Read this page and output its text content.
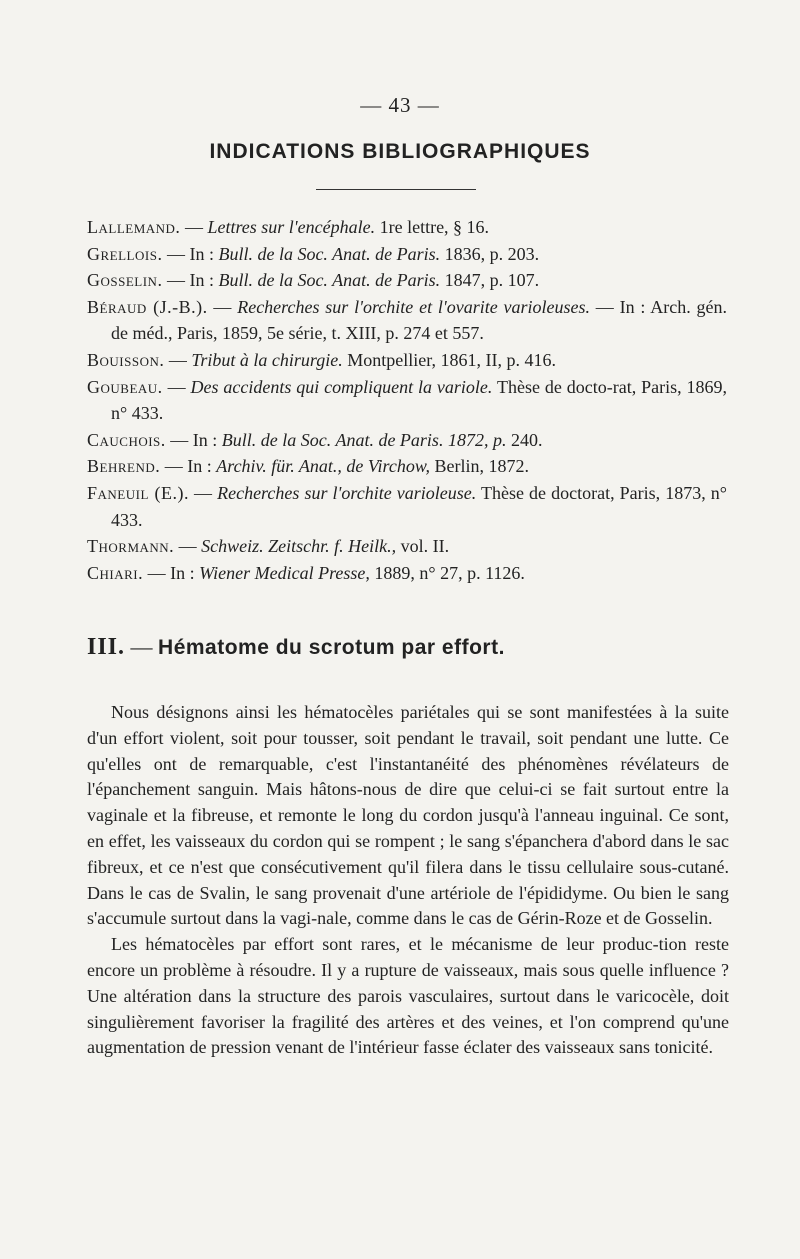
— 43 —
INDICATIONS BIBLIOGRAPHIQUES
Lallemand. — Lettres sur l'encéphale. 1re lettre, § 16.
Grellois. — In : Bull. de la Soc. Anat. de Paris. 1836, p. 203.
Gosselin. — In : Bull. de la Soc. Anat. de Paris. 1847, p. 107.
Béraud (J.-B.). — Recherches sur l'orchite et l'ovarite varioleuses. — In : Arch. gén. de méd., Paris, 1859, 5e série, t. XIII, p. 274 et 557.
Bouisson. — Tribut à la chirurgie. Montpellier, 1861, II, p. 416.
Goubeau. — Des accidents qui compliquent la variole. Thèse de docto-rat, Paris, 1869, n° 433.
Cauchois. — In : Bull. de la Soc. Anat. de Paris. 1872, p. 240.
Behrend. — In : Archiv. für. Anat., de Virchow, Berlin, 1872.
Faneuil (E.). — Recherches sur l'orchite varioleuse. Thèse de doctorat, Paris, 1873, n° 433.
Thormann. — Schweiz. Zeitschr. f. Heilk., vol. II.
Chiari. — In : Wiener Medical Presse, 1889, n° 27, p. 1126.
III. — Hématome du scrotum par effort.

Nous désignons ainsi les hématocèles pariétales qui se sont manifestées à la suite d'un effort violent, soit pour tousser, soit pendant le travail, soit pendant une lutte. Ce qu'elles ont de remarquable, c'est l'instantanéité des phénomènes révélateurs de l'épanchement sanguin. Mais hâtons-nous de dire que celui-ci se fait surtout entre la vaginale et la fibreuse, et remonte le long du cordon jusqu'à l'anneau inguinal. Ce sont, en effet, les vaisseaux du cordon qui se rompent ; le sang s'épanchera d'abord dans le sac fibreux, et ce n'est que consécutivement qu'il filera dans le tissu cellulaire sous-cutané. Dans le cas de Svalin, le sang provenait d'une artériole de l'épididyme. Ou bien le sang s'accumule surtout dans la vagi-nale, comme dans le cas de Gérin-Roze et de Gosselin.

Les hématocèles par effort sont rares, et le mécanisme de leur produc-tion reste encore un problème à résoudre. Il y a rupture de vaisseaux, mais sous quelle influence ? Une altération dans la structure des parois vasculaires, surtout dans le varicocèle, doit singulièrement favoriser la fragilité des artères et des veines, et l'on comprend qu'une augmentation de pression venant de l'intérieur fasse éclater des vaisseaux sans tonicité.
